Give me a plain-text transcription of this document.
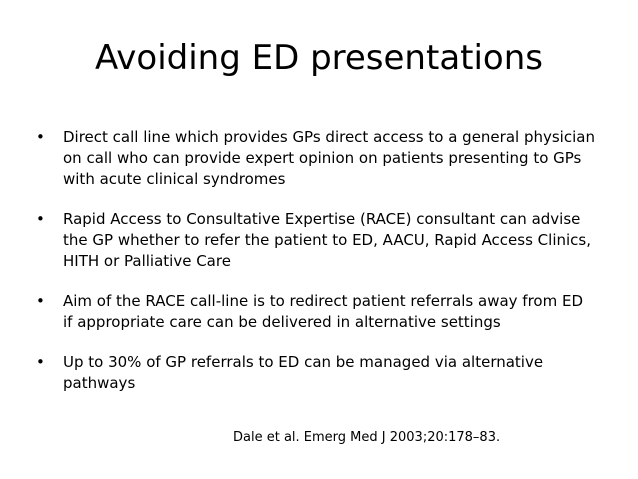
Avoiding ED presentations
• Direct call line which provides GPs direct access to a general physician on call who can provide expert opinion on patients presenting to GPs with acute clinical syndromes
• Rapid Access to Consultative Expertise (RACE) consultant can advise the GP whether to refer the patient to ED, AACU, Rapid Access Clinics, HITH or Palliative Care
• Aim of the RACE call-line is to redirect patient referrals away from ED if appropriate care can be delivered in alternative settings
• Up to 30% of GP referrals to ED can be managed via alternative pathways
Dale et al. Emerg Med J 2003;20:178–83.
